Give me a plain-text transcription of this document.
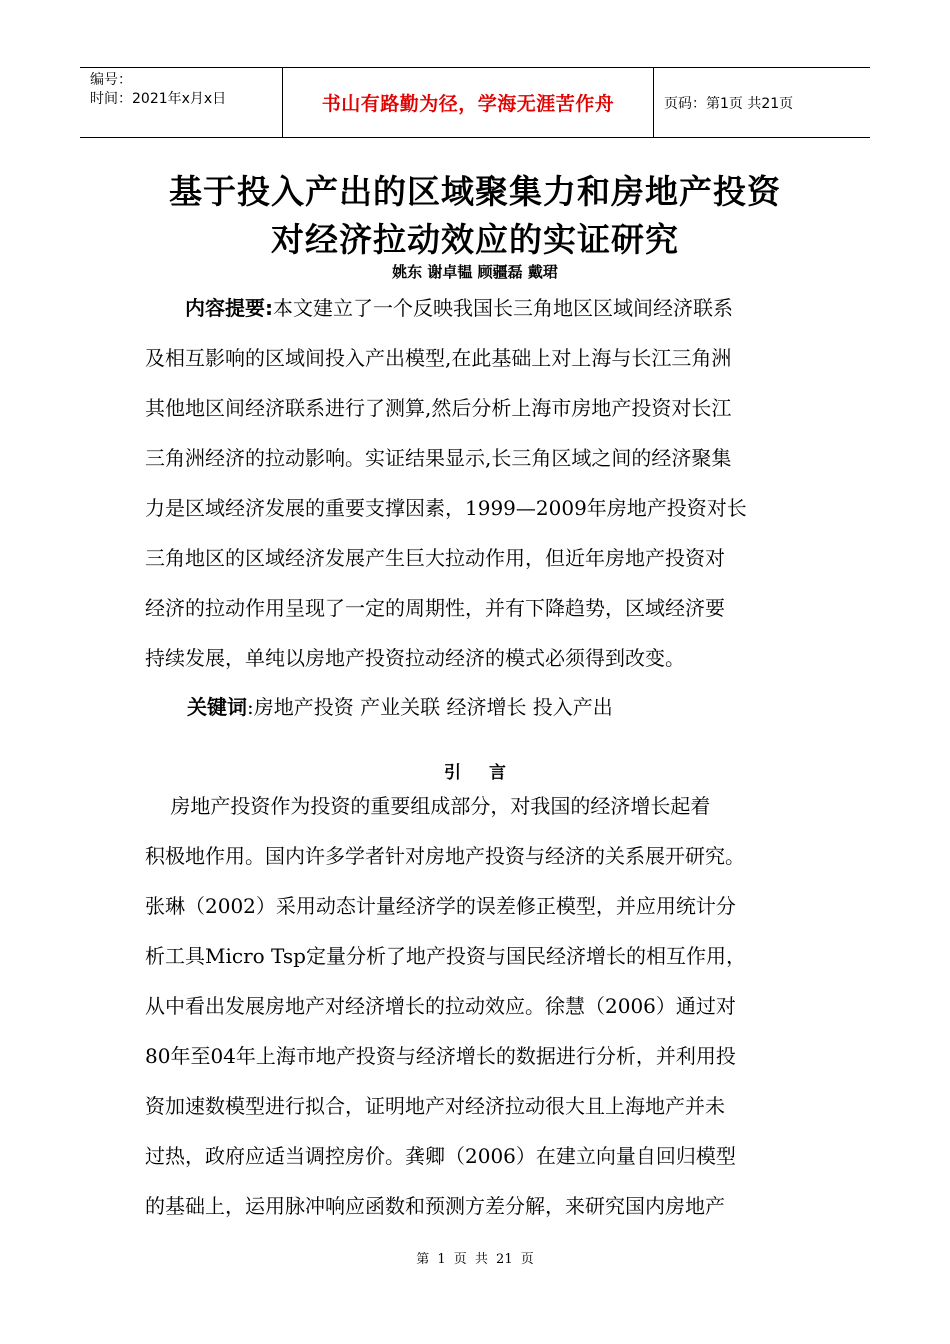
编号：
时间：2021年x月x日	书山有路勤为径，学海无涯苦作舟	页码：第1页 共21页
基于投入产出的区域聚集力和房地产投资
对经济拉动效应的实证研究
姚东 谢卓韫 顾疆磊 戴珺
内容提要:本文建立了一个反映我国长三角地区区域间经济联系
及相互影响的区域间投入产出模型,在此基础上对上海与长江三角洲
其他地区间经济联系进行了测算,然后分析上海市房地产投资对长江
三角洲经济的拉动影响。实证结果显示,长三角区域之间的经济聚集
力是区域经济发展的重要支撑因素，1999—2009年房地产投资对长
三角地区的区域经济发展产生巨大拉动作用，但近年房地产投资对
经济的拉动作用呈现了一定的周期性，并有下降趋势，区域经济要
持续发展，单纯以房地产投资拉动经济的模式必须得到改变。
关键词:房地产投资 产业关联 经济增长 投入产出
引言
房地产投资作为投资的重要组成部分，对我国的经济增长起着
积极地作用。国内许多学者针对房地产投资与经济的关系展开研究。
张琳（2002）采用动态计量经济学的误差修正模型，并应用统计分
析工具Micro Tsp定量分析了地产投资与国民经济增长的相互作用，
从中看出发展房地产对经济增长的拉动效应。徐慧（2006）通过对
80年至04年上海市地产投资与经济增长的数据进行分析，并利用投
资加速数模型进行拟合，证明地产对经济拉动很大且上海地产并未
过热，政府应适当调控房价。龚卿（2006）在建立向量自回归模型
的基础上，运用脉冲响应函数和预测方差分解，来研究国内房地产
第 1 页 共 21 页
